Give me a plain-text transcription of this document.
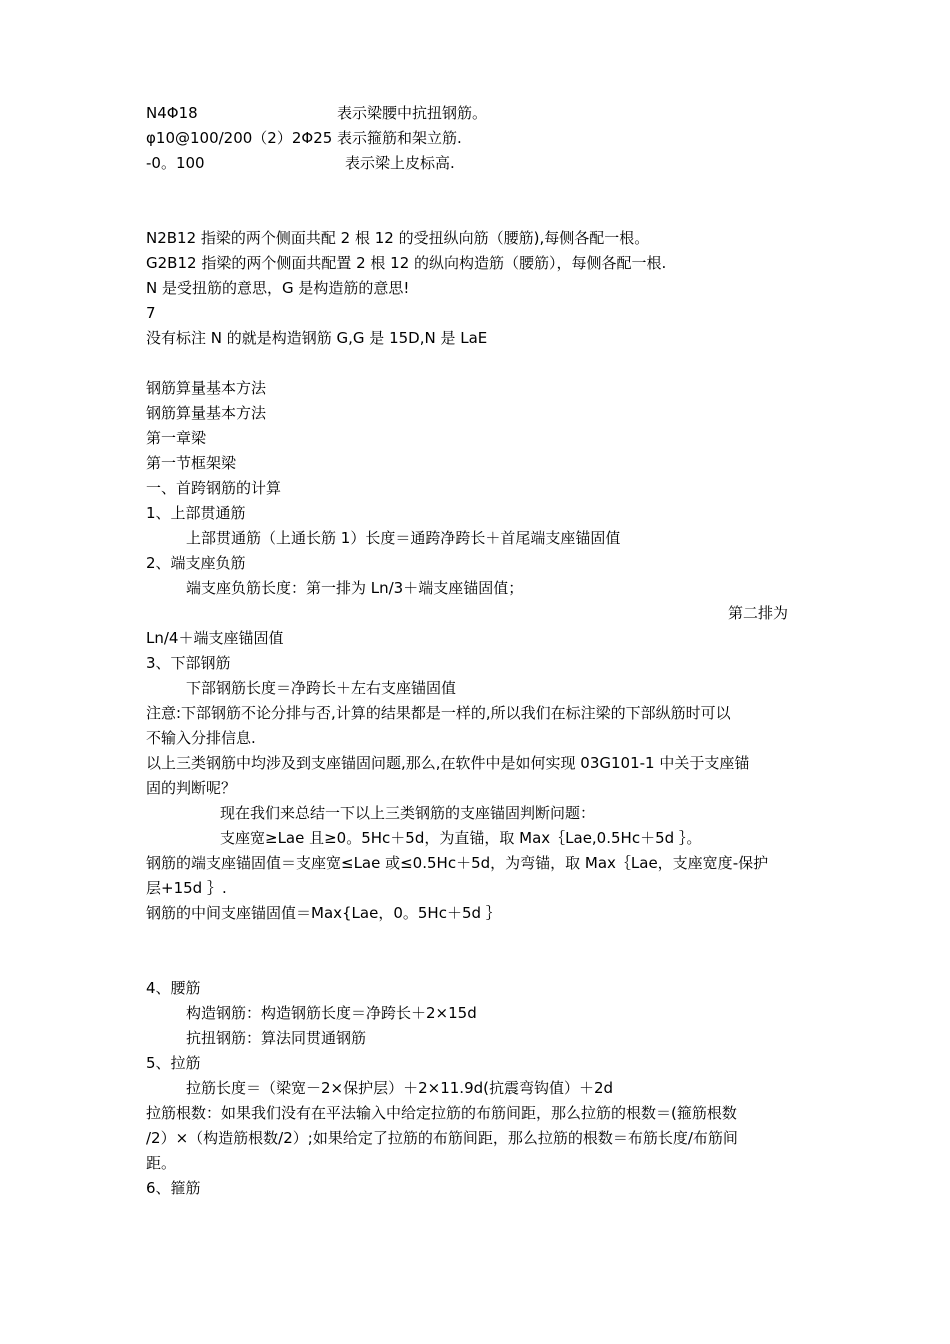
N4Φ18	表示梁腰中抗扭钢筋。
φ10@100/200（2）2Φ25 表示箍筋和架立筋.
-0。100	表示梁上皮标高.
N2B12 指梁的两个侧面共配 2 根 12 的受扭纵向筋（腰筋),每侧各配一根。
G2B12 指梁的两个侧面共配置 2 根 12 的纵向构造筋（腰筋），每侧各配一根.
N 是受扭筋的意思，G 是构造筋的意思!
7
没有标注 N 的就是构造钢筋 G,G 是 15D,N 是 LaE
钢筋算量基本方法
钢筋算量基本方法
第一章梁
第一节框架梁
一、首跨钢筋的计算
1、上部贯通筋
上部贯通筋（上通长筋 1）长度＝通跨净跨长＋首尾端支座锚固值
2、端支座负筋
端支座负筋长度：第一排为 Ln/3＋端支座锚固值；
第二排为
Ln/4＋端支座锚固值
3、下部钢筋
下部钢筋长度＝净跨长＋左右支座锚固值
注意:下部钢筋不论分排与否,计算的结果都是一样的,所以我们在标注梁的下部纵筋时可以
不输入分排信息.
以上三类钢筋中均涉及到支座锚固问题,那么,在软件中是如何实现 03G101-1 中关于支座锚
固的判断呢？
现在我们来总结一下以上三类钢筋的支座锚固判断问题：
支座宽≥Lae 且≥0。5Hc＋5d，为直锚，取 Max｛Lae,0.5Hc＋5d ｝。
钢筋的端支座锚固值＝支座宽≤Lae 或≤0.5Hc＋5d，为弯锚，取 Max｛Lae，支座宽度-保护
层+15d ｝.
钢筋的中间支座锚固值＝Max{Lae，0。5Hc＋5d ｝
4、腰筋
构造钢筋：构造钢筋长度＝净跨长＋2×15d
抗扭钢筋：算法同贯通钢筋
5、拉筋
拉筋长度＝（梁宽－2×保护层）＋2×11.9d(抗震弯钩值）＋2d
拉筋根数：如果我们没有在平法输入中给定拉筋的布筋间距，那么拉筋的根数＝(箍筋根数
/2）×（构造筋根数/2）;如果给定了拉筋的布筋间距，那么拉筋的根数＝布筋长度/布筋间
距。
6、箍筋
